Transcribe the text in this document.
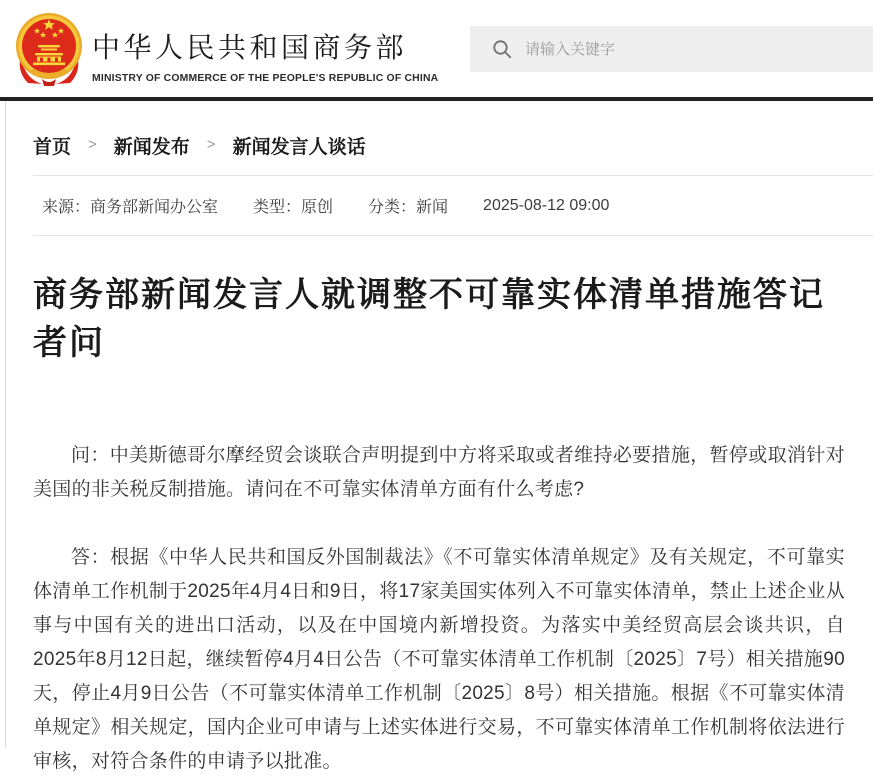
中华人民共和国商务部
MINISTRY OF COMMERCE OF THE PEOPLE'S REPUBLIC OF CHINA
请输入关键字
首页 > 新闻发布 > 新闻发言人谈话
来源：商务部新闻办公室 类型：原创 分类：新闻 2025-08-12 09:00
商务部新闻发言人就调整不可靠实体清单措施答记
者问

问：中美斯德哥尔摩经贸会谈联合声明提到中方将采取或者维持必要措施，暂停或取消针对美国的非关税反制措施。请问在不可靠实体清单方面有什么考虑?

答：根据《中华人民共和国反外国制裁法》《不可靠实体清单规定》及有关规定，不可靠实体清单工作机制于2025年4月4日和9日，将17家美国实体列入不可靠实体清单，禁止上述企业从事与中国有关的进出口活动，以及在中国境内新增投资。为落实中美经贸高层会谈共识，自2025年8月12日起，继续暂停4月4日公告（不可靠实体清单工作机制〔2025〕7号）相关措施90天，停止4月9日公告（不可靠实体清单工作机制〔2025〕8号）相关措施。根据《不可靠实体清单规定》相关规定，国内企业可申请与上述实体进行交易，不可靠实体清单工作机制将依法进行审核，对符合条件的申请予以批准。
